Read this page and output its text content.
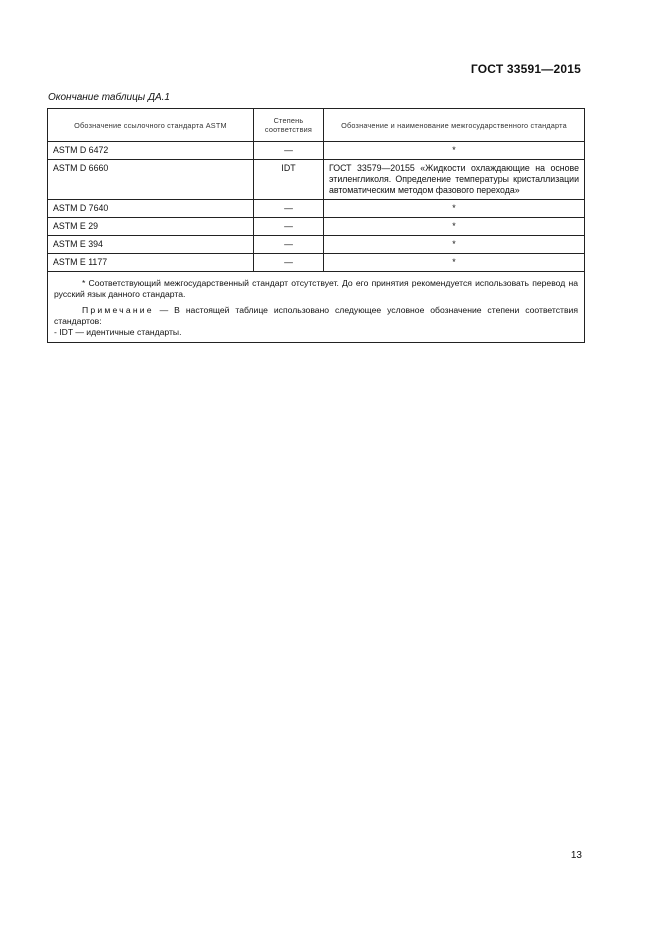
ГОСТ 33591—2015
Окончание таблицы ДА.1
Обозначение ссылочного стандарта ASTM	Степень соответствия	Обозначение и наименование межгосударственного стандарта
ASTM D 6472	—	*
ASTM D 6660	IDT	ГОСТ 33579—20155 «Жидкости охлаждающие на основе этиленгликоля. Определение температуры кристаллизации автоматическим методом фазового перехода»
ASTM D 7640	—	*
ASTM E 29	—	*
ASTM E 394	—	*
ASTM E 1177	—	*

* Соответствующий межгосударственный стандарт отсутствует. До его принятия рекомендуется использовать перевод на русский язык данного стандарта.

Примечание — В настоящей таблице использовано следующее условное обозначение степени соответствия стандартов:

- IDT — идентичные стандарты.		

13
